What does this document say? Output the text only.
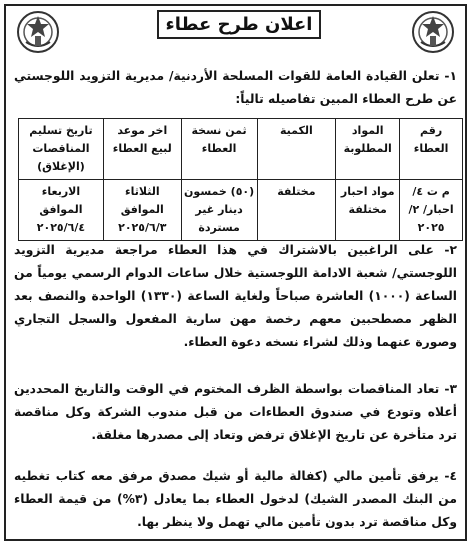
اعلان طرح عطاء

١- تعلن القيادة العامة للقوات المسلحة الأردنية/ مديرية التزويد اللوجستي عن طرح العطاء المبين تفاصيله تالياً:

رقم العطاء	المواد المطلوبة	الكمية	ثمن نسخة العطاء	اخر موعد لبيع العطاء	تاريخ تسليم المناقصات (الإغلاق)
م ت ٤/ احبار/ ٢/ ٢٠٢٥	مواد احبار مختلفة	مختلفة	(٥٠) خمسون دينار غير مستردة	الثلاثاء الموافق ٢٠٢٥/٦/٣	الاربعاء الموافق ٢٠٢٥/٦/٤

٢- على الراغبين بالاشتراك في هذا العطاء مراجعة مديرية التزويد اللوجستي/ شعبة الادامة اللوجستية خلال ساعات الدوام الرسمي يومياً من الساعة (١٠٠٠) العاشرة صباحاً ولغاية الساعة (١٣٣٠) الواحدة والنصف بعد الظهر مصطحبين معهم رخصة مهن سارية المفعول والسجل التجاري وصورة عنهما وذلك لشراء نسخه دعوة العطاء.

٣- تعاد المناقصات بواسطة الظرف المختوم في الوقت والتاريخ المحددين أعلاه وتودع في صندوق العطاءات من قبل مندوب الشركة وكل مناقصة ترد متأخرة عن تاريخ الإغلاق ترفض وتعاد إلى مصدرها مغلقة.

٤- يرفق تأمين مالي (كفالة مالية أو شيك مصدق مرفق معه كتاب تغطيه من البنك المصدر الشيك) لدخول العطاء بما يعادل (٣%) من قيمة العطاء وكل مناقصة ترد بدون تأمين مالي تهمل ولا ينظر بها.
